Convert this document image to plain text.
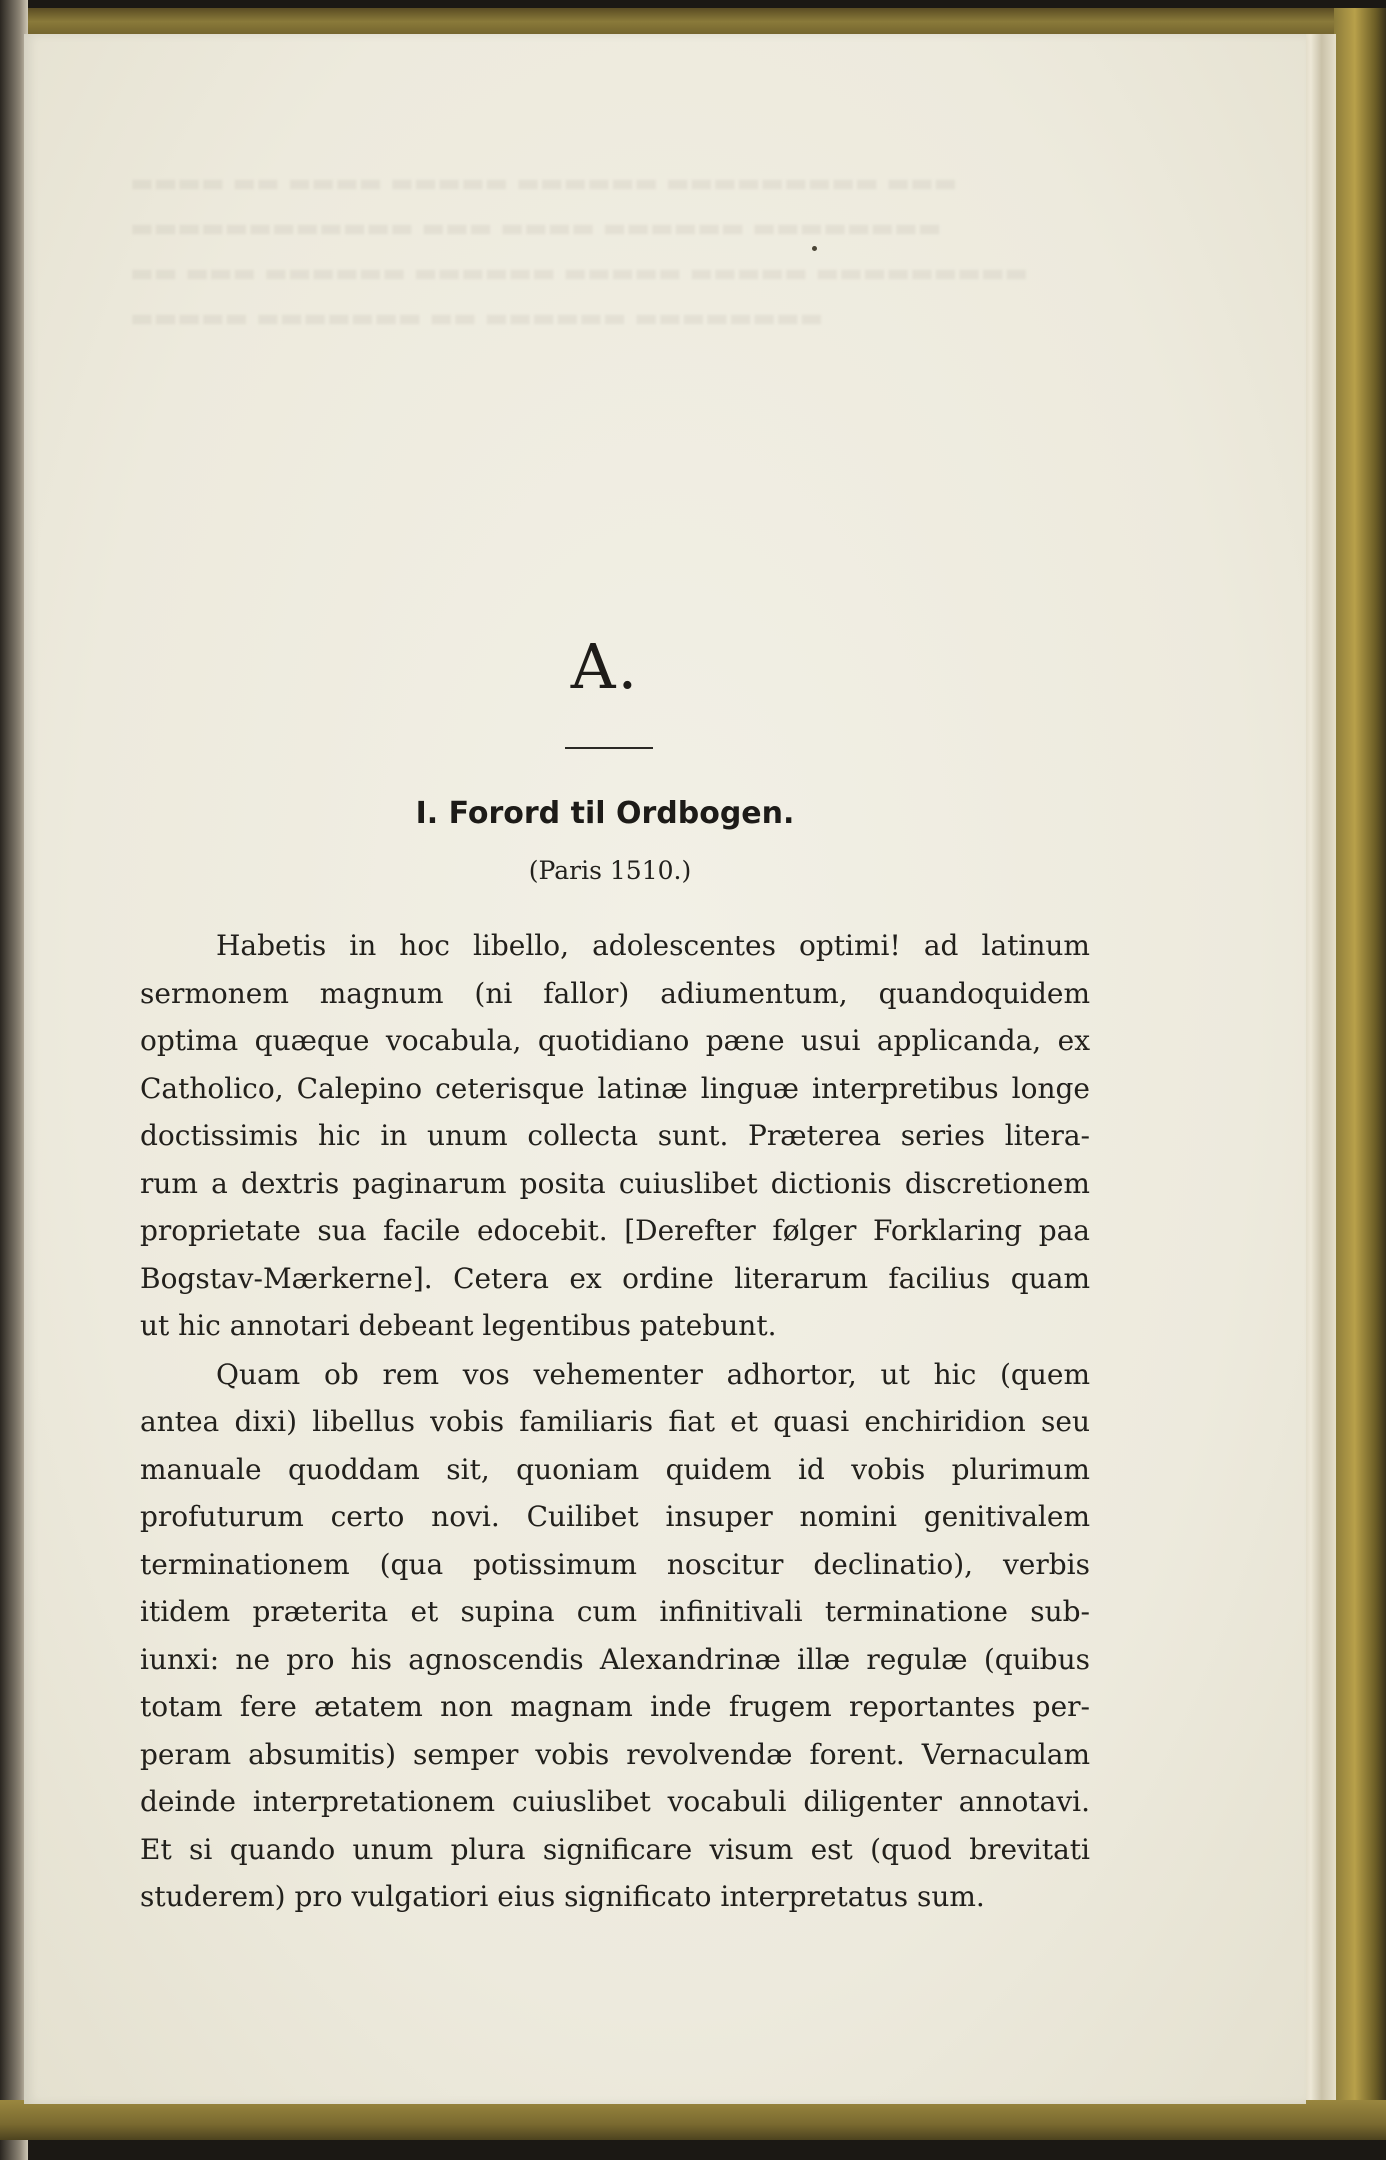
A.
I. Forord til Ordbogen.
(Paris 1510.)
Habetis in hoc libello, adolescentes optimi! ad latinum
sermonem magnum (ni fallor) adiumentum, quandoquidem
optima quæque vocabula, quotidiano pæne usui applicanda, ex
Catholico, Calepino ceterisque latinæ linguæ interpretibus longe
doctissimis hic in unum collecta sunt. Præterea series litera-
rum a dextris paginarum posita cuiuslibet dictionis discretionem
proprietate sua facile edocebit. [Derefter følger Forklaring paa
Bogstav-Mærkerne]. Cetera ex ordine literarum facilius quam
ut hic annotari debeant legentibus patebunt.
Quam ob rem vos vehementer adhortor, ut hic (quem
antea dixi) libellus vobis familiaris fiat et quasi enchiridion seu
manuale quoddam sit, quoniam quidem id vobis plurimum
profuturum certo novi. Cuilibet insuper nomini genitivalem
terminationem (qua potissimum noscitur declinatio), verbis
itidem præterita et supina cum infinitivali terminatione sub-
iunxi: ne pro his agnoscendis Alexandrinæ illæ regulæ (quibus
totam fere ætatem non magnam inde frugem reportantes per-
peram absumitis) semper vobis revolvendæ forent. Vernaculam
deinde interpretationem cuiuslibet vocabuli diligenter annotavi.
Et si quando unum plura significare visum est (quod brevitati
studerem) pro vulgatiori eius significato interpretatus sum.
